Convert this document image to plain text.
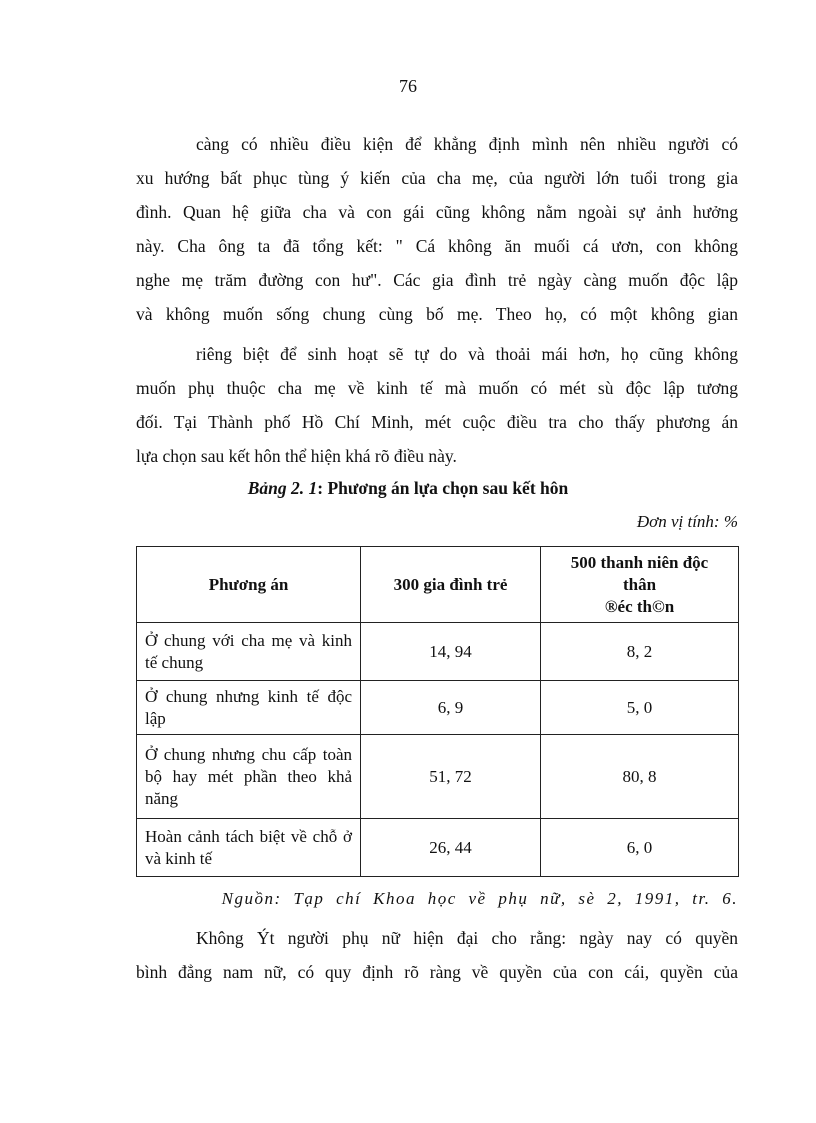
76
càng có nhiều điều kiện để khẳng định mình nên nhiều người có
xu hướng bất phục tùng ý kiến của cha mẹ, của người lớn tuổi trong gia
đình. Quan hệ giữa cha và con gái cũng không nằm ngoài sự ảnh hưởng
này. Cha ông ta đã tổng kết: " Cá không ăn muối cá ươn, con không
nghe mẹ trăm đường con hư". Các gia đình trẻ ngày càng muốn độc lập
và không muốn sống chung cùng bố mẹ. Theo họ, có một không gian
riêng biệt để sinh hoạt sẽ tự do và thoải mái hơn, họ cũng không
muốn phụ thuộc cha mẹ về kinh tế mà muốn có mét sù độc lập tương
đối. Tại Thành phố Hồ Chí Minh, mét cuộc điều tra cho thấy phương án
lựa chọn sau kết hôn thể hiện khá rõ điều này.
Bảng 2. 1: Phương án lựa chọn sau kết hôn
Đơn vị tính: %
Phương án	300 gia đình trẻ	500 thanh niên độc
thân
®éc th©n
Ở chung với cha mẹ và kinh tế chung	14, 94	8, 2
Ở chung nhưng kinh tế độc lập	6, 9	5, 0
Ở chung nhưng chu cấp toàn bộ hay mét phần theo khả năng	51, 72	80, 8
Hoàn cảnh tách biệt về chỗ ở và kinh tế	26, 44	6, 0
Nguồn: Tạp chí Khoa học về phụ nữ, sè 2, 1991, tr. 6.
Không Ýt người phụ nữ hiện đại cho rằng: ngày nay có quyền
bình đẳng nam nữ, có quy định rõ ràng về quyền của con cái, quyền của
